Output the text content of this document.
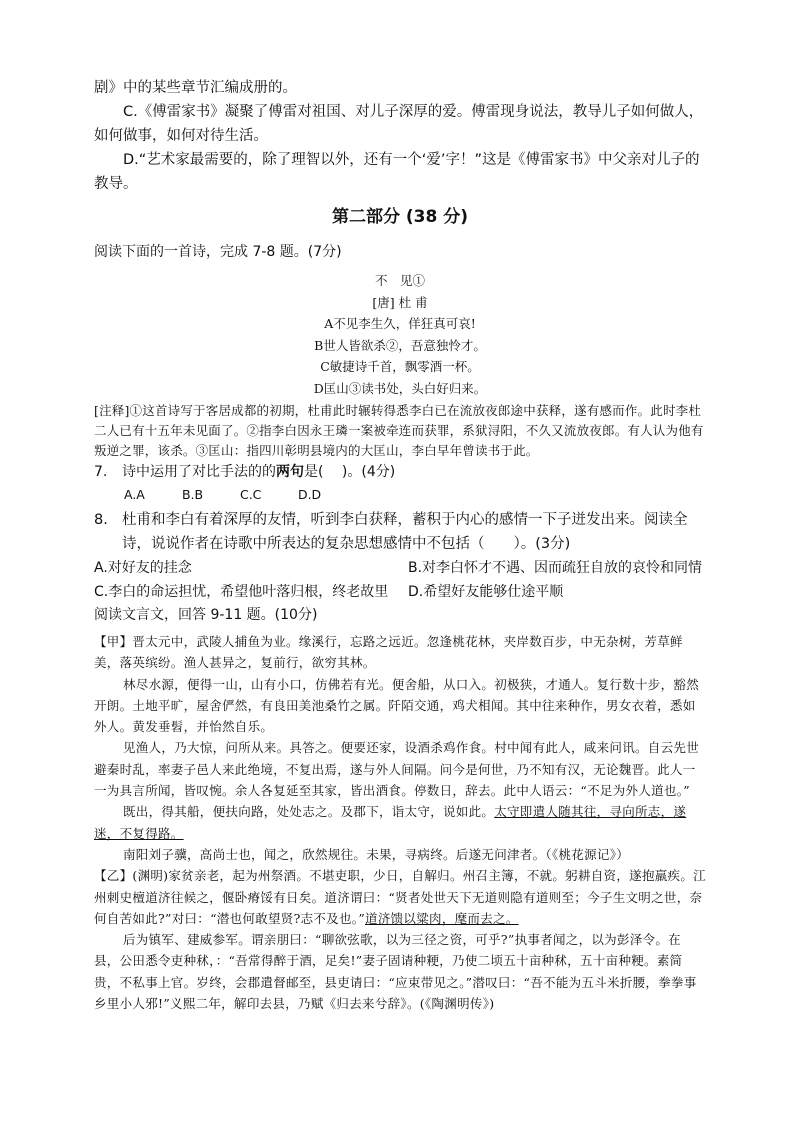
剧》中的某些章节汇编成册的。

C.《傅雷家书》凝聚了傅雷对祖国、对儿子深厚的爱。傅雷现身说法，教导儿子如何做人，如何做事，如何对待生活。

D.“艺术家最需要的，除了理智以外，还有一个‘爱’字！”这是《傅雷家书》中父亲对儿子的教导。

第二部分 (38 分)

阅读下面的一首诗，完成 7-8 题。(7分)

不　见①
[唐] 杜 甫
A不见李生久，佯狂真可哀!
B世人皆欲杀②，吾意独怜才。
C敏捷诗千首，飘零酒一杯。
D匡山③读书处，头白好归来。

[注释]①这首诗写于客居成都的初期，杜甫此时辗转得悉李白已在流放夜郎途中获释，遂有感而作。此时李杜二人已有十五年未见面了。②指李白因永王璘一案被牵连而获罪，系狱浔阳，不久又流放夜郎。有人认为他有叛逆之罪，该杀。③匡山：指四川彰明县境内的大匡山，李白早年曾读书于此。

7.	诗中运用了对比手法的的两句是(　 )。(4分)
A.A	B.B	C.C	D.D
8. 杜甫和李白有着深厚的友情，听到李白获释，蓄积于内心的感情一下子迸发出来。阅读全诗，说说作者在诗歌中所表达的复杂思想感情中不包括（　　）。(3分)
A.对好友的挂念	B.对李白怀才不遇、因而疏狂自放的哀怜和同情
C.李白的命运担忧，希望他叶落归根，终老故里	D.希望好友能够仕途平顺

阅读文言文，回答 9-11 题。(10分)

【甲】晋太元中，武陵人捕鱼为业。缘溪行，忘路之远近。忽逢桃花林，夹岸数百步，中无杂树，芳草鲜美，落英缤纷。渔人甚异之，复前行，欲穷其林。

林尽水源，便得一山，山有小口，仿佛若有光。便舍船，从口入。初极狭，才通人。复行数十步，豁然开朗。土地平旷，屋舍俨然，有良田美池桑竹之属。阡陌交通，鸡犬相闻。其中往来种作，男女衣着，悉如外人。黄发垂髫，并怡然自乐。

见渔人，乃大惊，问所从来。具答之。便要还家，设酒杀鸡作食。村中闻有此人，咸来问讯。自云先世避秦时乱，率妻子邑人来此绝境，不复出焉，遂与外人间隔。问今是何世，乃不知有汉，无论魏晋。此人一一为具言所闻，皆叹惋。余人各复延至其家，皆出酒食。停数日，辞去。此中人语云：“不足为外人道也。”

既出，得其船，便扶向路，处处志之。及郡下，诣太守，说如此。太守即遣人随其往，寻向所志，遂迷，不复得路。

南阳刘子骥，高尚士也，闻之，欣然规往。未果，寻病终。后遂无问津者。（《桃花源记》）

【乙】(渊明)家贫亲老，起为州祭酒。不堪吏职，少日，自解归。州召主簿，不就。躬耕自资，遂抱羸疾。江州刺史檀道济往候之，偃卧瘠馁有日矣。道济谓曰：“贤者处世天下无道则隐有道则至；今子生文明之世，奈何自苦如此?”对曰：“潜也何敢望贤?志不及也。”道济馈以粱肉，麾而去之。

后为镇军、建威参军。谓亲朋曰：“聊欲弦歌，以为三径之资，可乎?”执事者闻之，以为彭泽令。在县，公田悉令吏种秫，：“吾常得醉于酒，足矣!”妻子固请种粳，乃使二顷五十亩种秫，五十亩种粳。素简贵，不私事上官。岁终，会郡遣督邮至，县吏请曰：“应束带见之。”潜叹曰：“吾不能为五斗米折腰，拳拳事乡里小人邪!”义熙二年，解印去县，乃赋《归去来兮辞》。(《陶渊明传》)
